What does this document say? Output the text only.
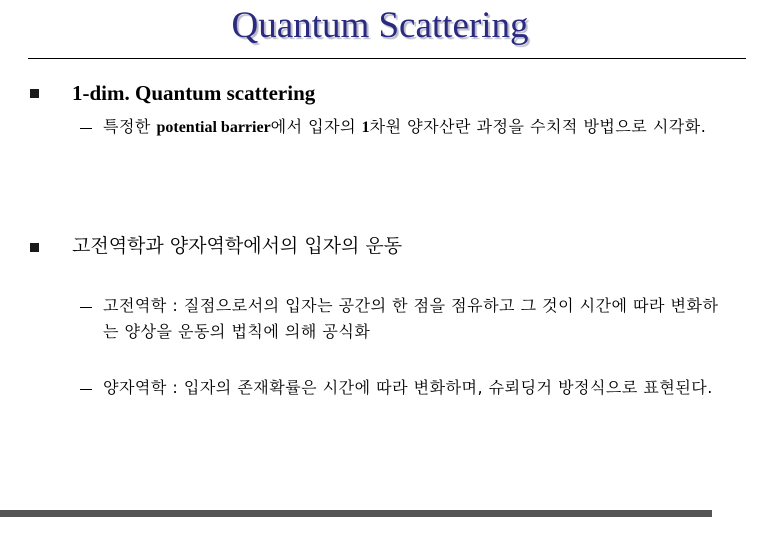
Quantum Scattering
1-dim. Quantum scattering
특정한 potential barrier에서 입자의 1차원 양자산란 과정을 수치적 방법으로 시각화.
고전역학과 양자역학에서의 입자의 운동
고전역학 : 질점으로서의 입자는 공간의 한 점을 점유하고 그 것이 시간에 따라 변화하는 양상을 운동의 법칙에 의해 공식화
양자역학 : 입자의 존재확률은 시간에 따라 변화하며, 슈뢰딩거 방정식으로 표현된다.
